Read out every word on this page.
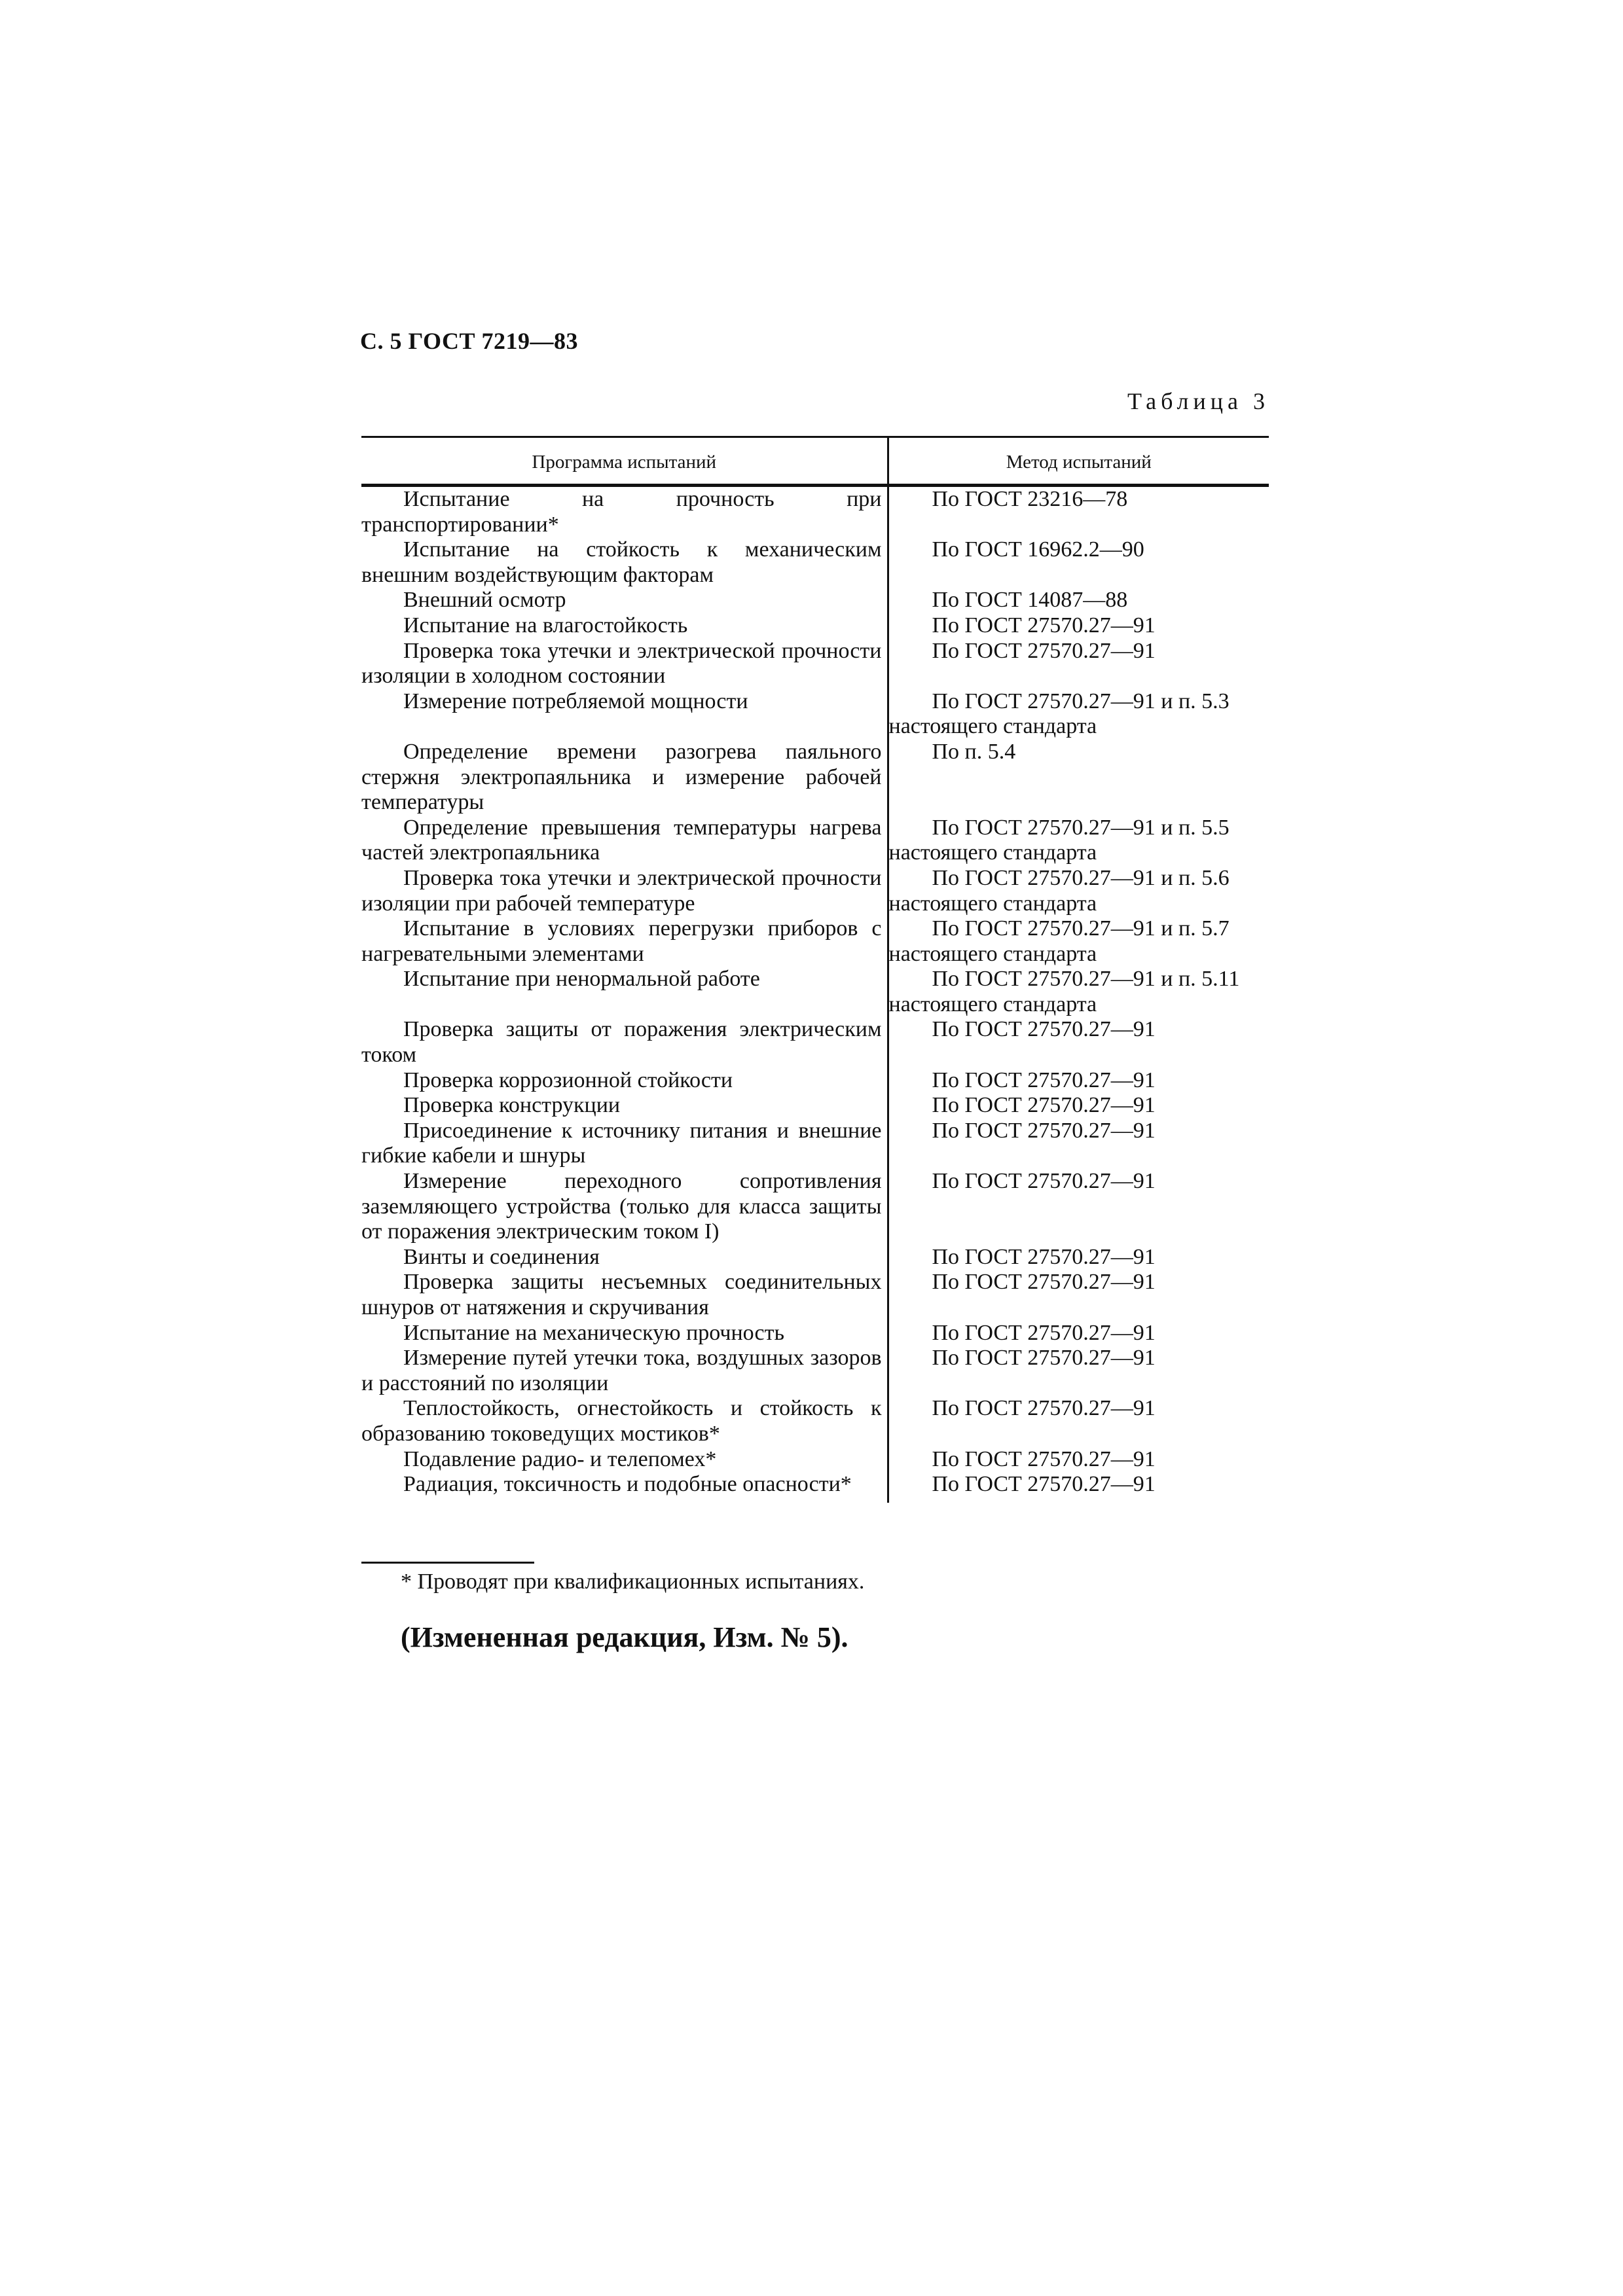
С. 5 ГОСТ 7219—83
Таблица 3
Программа испытаний	Метод испытаний
Испытание на прочность при транспортировании*	По ГОСТ 23216—78
Испытание на стойкость к механическим внешним воздействующим факторам	По ГОСТ 16962.2—90
Внешний осмотр	По ГОСТ 14087—88
Испытание на влагостойкость	По ГОСТ 27570.27—91
Проверка тока утечки и электрической прочности изоляции в холодном состоянии	По ГОСТ 27570.27—91
Измерение потребляемой мощности	По ГОСТ 27570.27—91 и п. 5.3 настоящего стандарта
Определение времени разогрева паяльного стержня электропаяльника и измерение рабочей температуры	По п. 5.4
Определение превышения температуры нагрева частей электропаяльника	По ГОСТ 27570.27—91 и п. 5.5 настоящего стандарта
Проверка тока утечки и электрической прочности изоляции при рабочей температуре	По ГОСТ 27570.27—91 и п. 5.6 настоящего стандарта
Испытание в условиях перегрузки приборов с нагревательными элементами	По ГОСТ 27570.27—91 и п. 5.7 настоящего стандарта
Испытание при ненормальной работе	По ГОСТ 27570.27—91 и п. 5.11 настоящего стандарта
Проверка защиты от поражения электрическим током	По ГОСТ 27570.27—91
Проверка коррозионной стойкости	По ГОСТ 27570.27—91
Проверка конструкции	По ГОСТ 27570.27—91
Присоединение к источнику питания и внешние гибкие кабели и шнуры	По ГОСТ 27570.27—91
Измерение переходного сопротивления заземляющего устройства (только для класса защиты от поражения электрическим током I)	По ГОСТ 27570.27—91
Винты и соединения	По ГОСТ 27570.27—91
Проверка защиты несъемных соединительных шнуров от натяжения и скручивания	По ГОСТ 27570.27—91
Испытание на механическую прочность	По ГОСТ 27570.27—91
Измерение путей утечки тока, воздушных зазоров и расстояний по изоляции	По ГОСТ 27570.27—91
Теплостойкость, огнестойкость и стойкость к образованию токоведущих мостиков*	По ГОСТ 27570.27—91
Подавление радио- и телепомех*	По ГОСТ 27570.27—91
Радиация, токсичность и подобные опасности*	По ГОСТ 27570.27—91
* Проводят при квалификационных испытаниях.
(Измененная редакция, Изм. № 5).
